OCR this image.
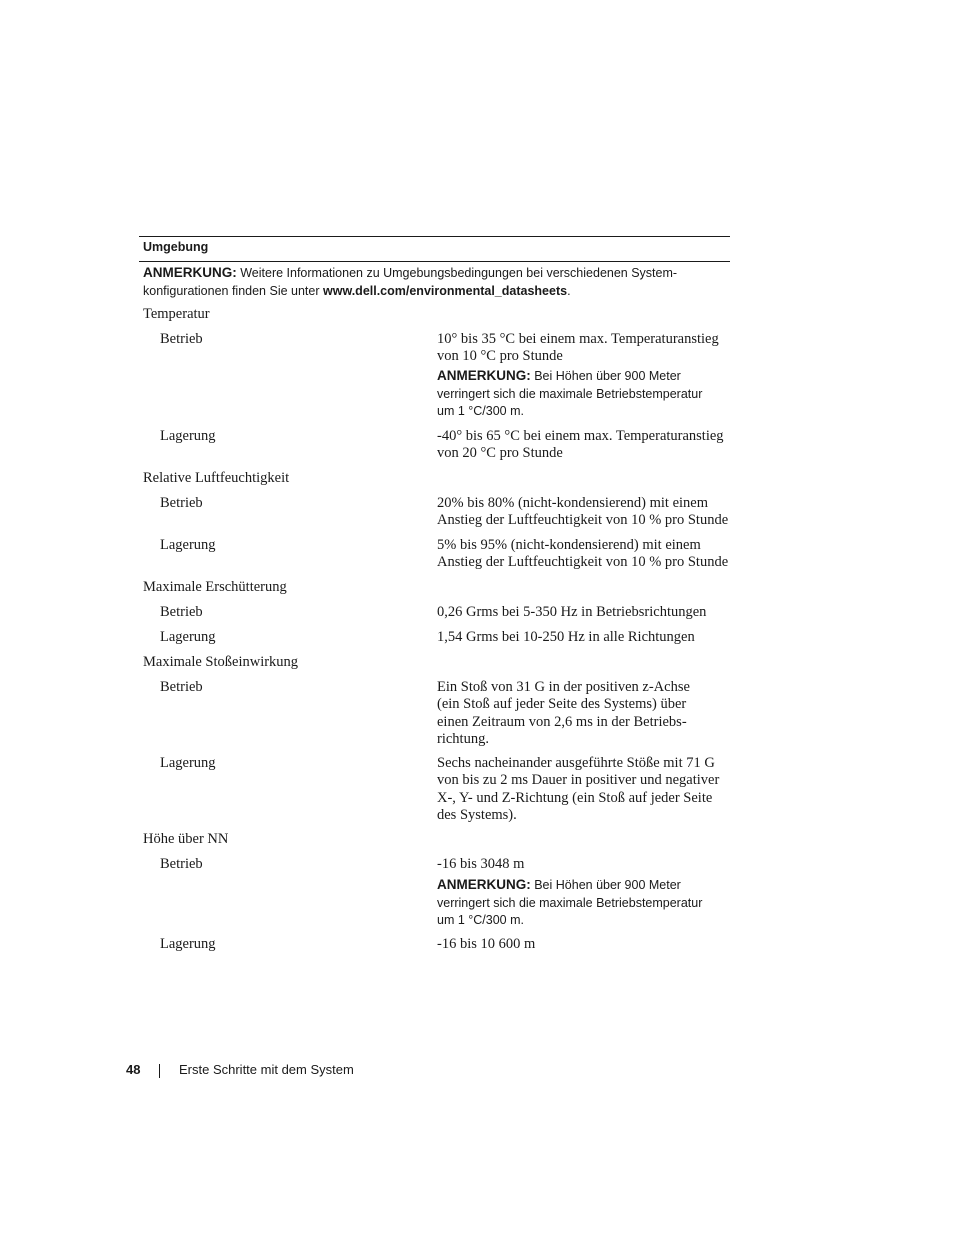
Umgebung
ANMERKUNG: Weitere Informationen zu Umgebungsbedingungen bei verschiedenen System-
konfigurationen finden Sie unter www.dell.com/environmental_datasheets.
Temperatur
Betrieb	10° bis 35 °C bei einem max. Temperaturanstieg
von 10 °C pro Stunde
ANMERKUNG: Bei Höhen über 900 Meter
verringert sich die maximale Betriebstemperatur
um 1 °C/300 m.
Lagerung	-40° bis 65 °C bei einem max. Temperaturanstieg
von 20 °C pro Stunde
Relative Luftfeuchtigkeit
Betrieb	20% bis 80% (nicht-kondensierend) mit einem
Anstieg der Luftfeuchtigkeit von 10 % pro Stunde
Lagerung	5% bis 95% (nicht-kondensierend) mit einem
Anstieg der Luftfeuchtigkeit von 10 % pro Stunde
Maximale Erschütterung
Betrieb	0,26 Grms bei 5-350 Hz in Betriebsrichtungen
Lagerung	1,54 Grms bei 10-250 Hz in alle Richtungen
Maximale Stoßeinwirkung
Betrieb	Ein Stoß von 31 G in der positiven z-Achse
(ein Stoß auf jeder Seite des Systems) über
einen Zeitraum von 2,6 ms in der Betriebs-
richtung.
Lagerung	Sechs nacheinander ausgeführte Stöße mit 71 G
von bis zu 2 ms Dauer in positiver und negativer
X-, Y- und Z-Richtung (ein Stoß auf jeder Seite
des Systems).
Höhe über NN
Betrieb	-16 bis 3048 m
ANMERKUNG: Bei Höhen über 900 Meter
verringert sich die maximale Betriebstemperatur
um 1 °C/300 m.
Lagerung	-16 bis 10 600 m
48	Erste Schritte mit dem System
